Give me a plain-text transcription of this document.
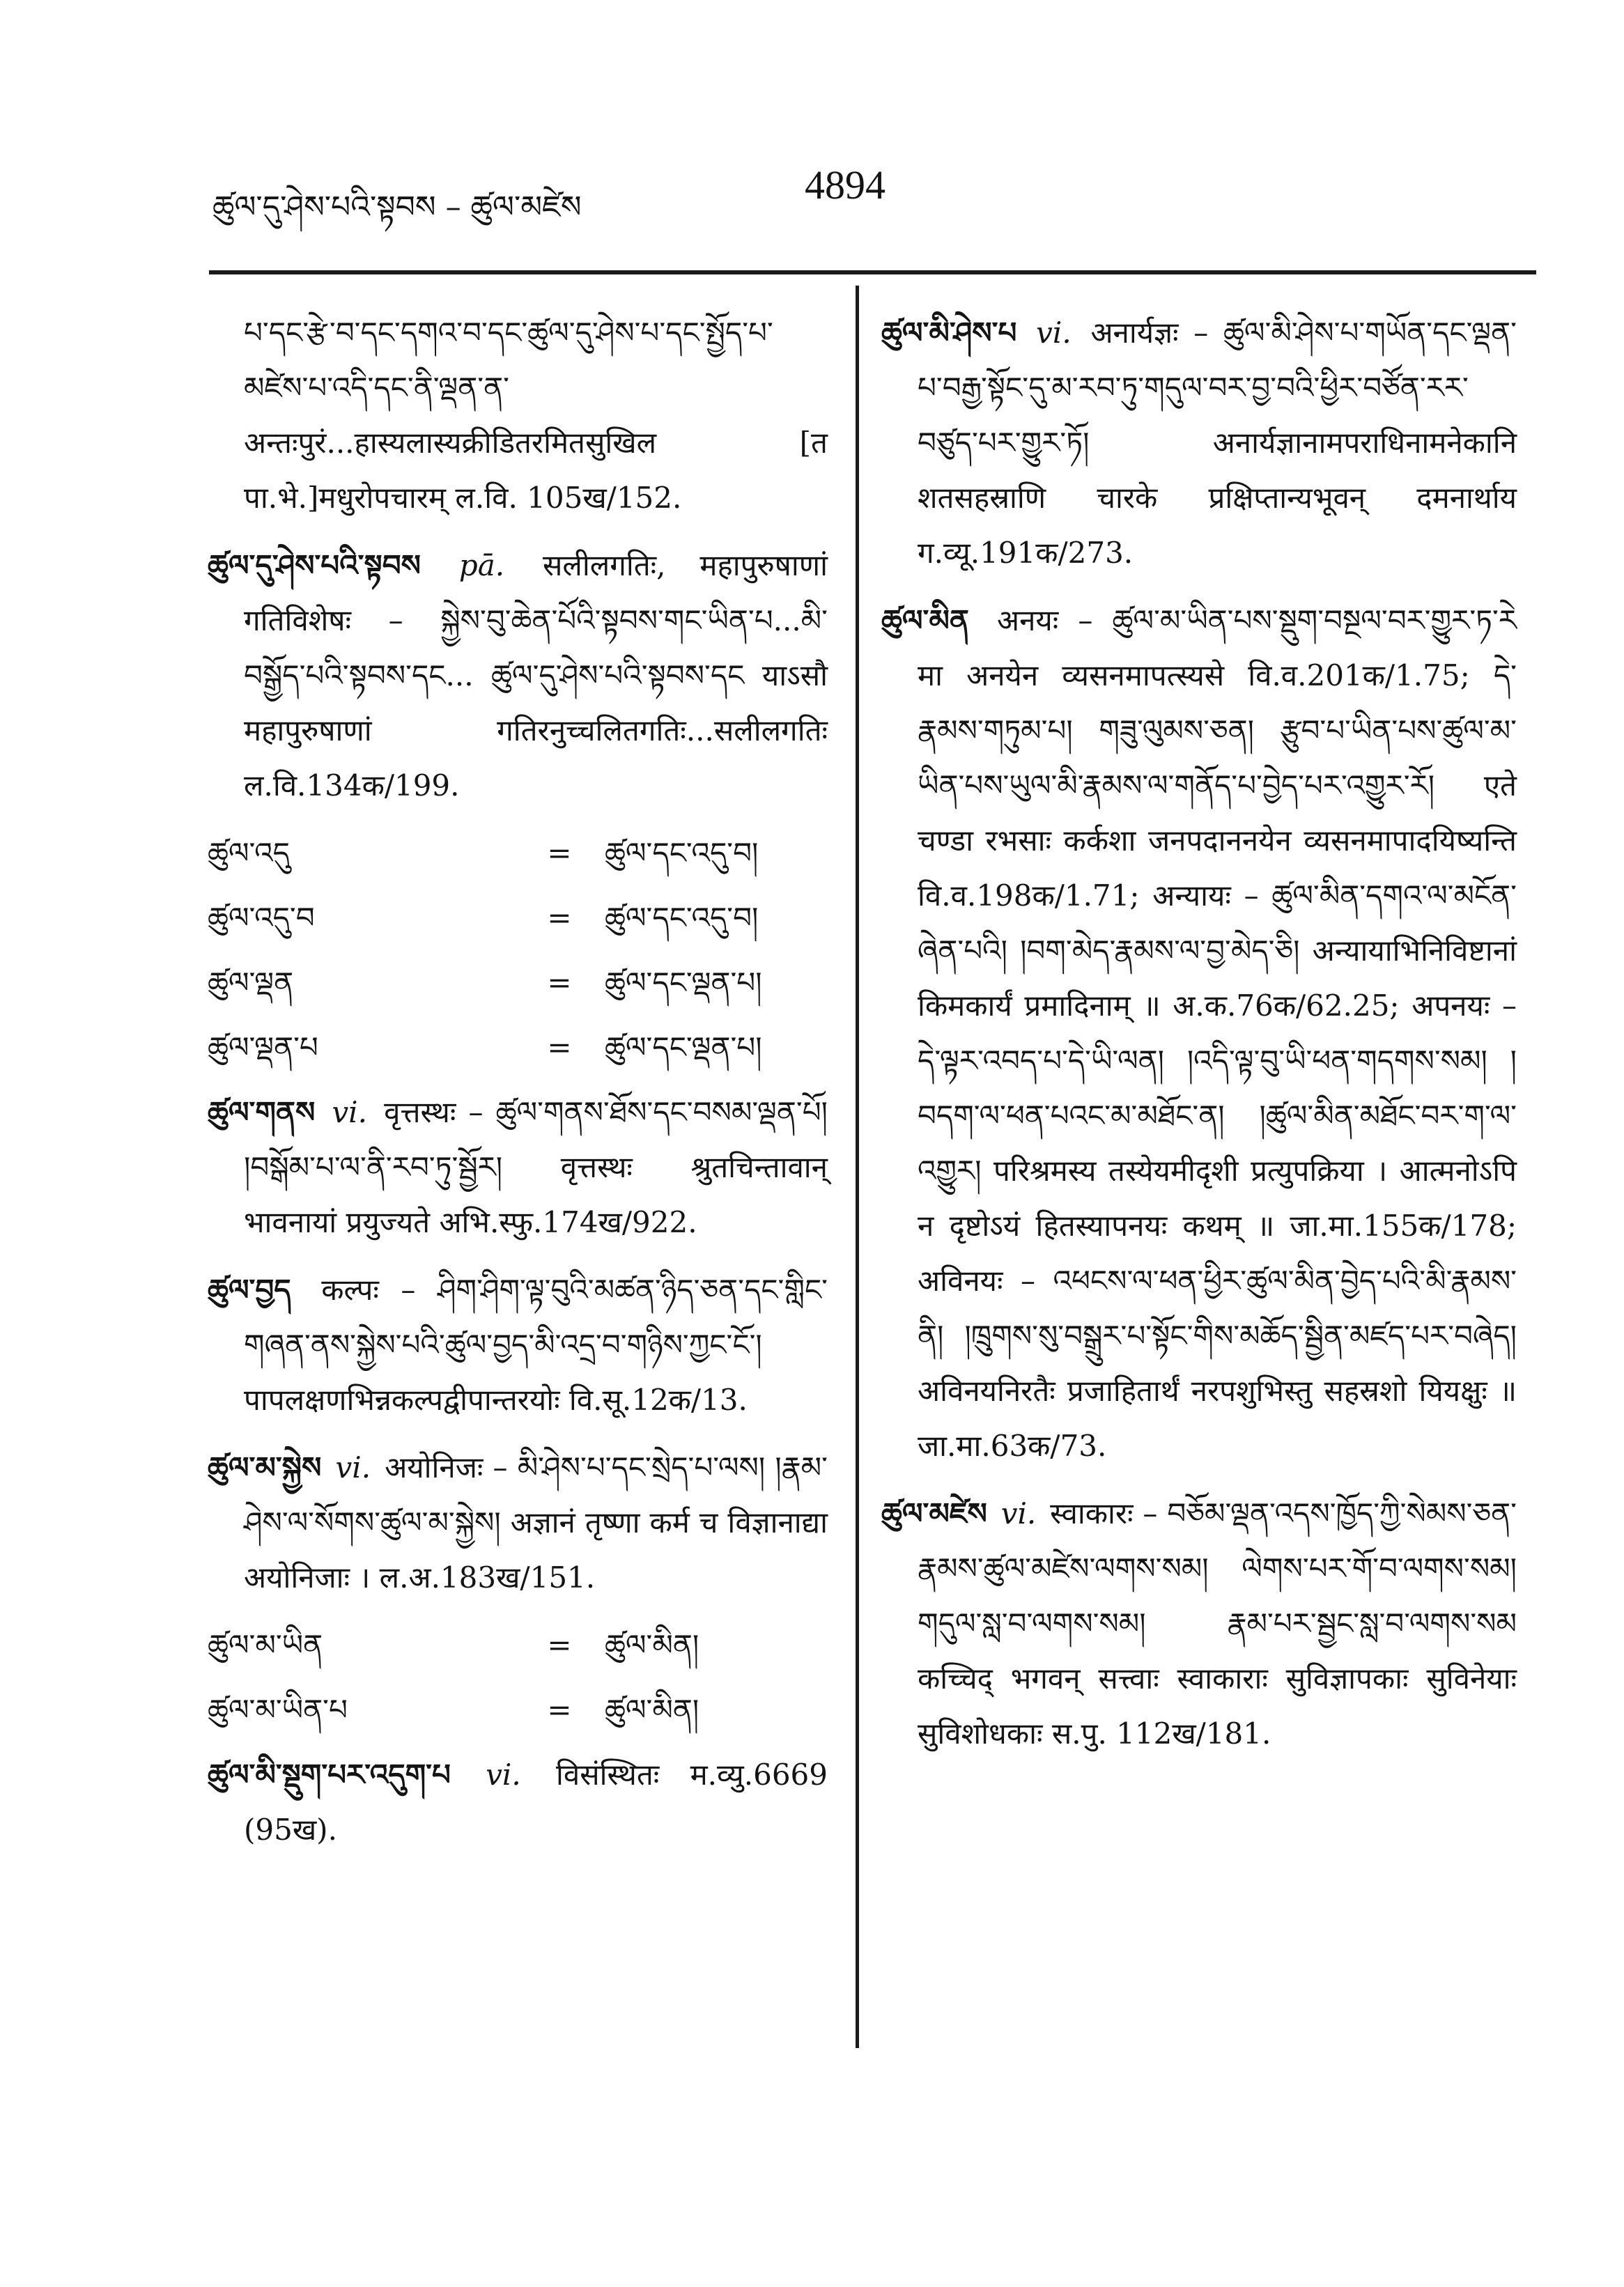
ཚུལ་དུ་ཤེས་པའི་སྟབས – ཚུལ་མཛེས	4894

པ་དང་རྩེ་བ་དང་དགའ་བ་དང་ཚུལ་དུ་ཤེས་པ་དང་སྤྱོད་པ་མཛེས་པ་འདི་དང་ནི་ལྡན་ན་ अन्तःपुरं...हास्यलास्यक्रीडितरमितसुखिल [त पा.भे.]मधुरोपचारम् ल.वि. 105ख/152.

ཚུལ་དུ་ཤེས་པའི་སྟབས pā. सलीलगतिः, महापुरुषाणां गतिविशेषः – སྐྱེས་བུ་ཆེན་པོའི་སྟབས་གང་ཡིན་པ...མི་བསྒྱོད་པའི་སྟབས་དང... ཚུལ་དུ་ཤེས་པའི་སྟབས་དང याऽसौ महापुरुषाणां गतिरनुच्चलितगतिः...सलीलगतिः ल.वि.134क/199.

ཚུལ་འདུ	=	ཚུལ་དང་འདུ་བ།
ཚུལ་འདུ་བ	=	ཚུལ་དང་འདུ་བ།
ཚུལ་ལྡན	=	ཚུལ་དང་ལྡན་པ།
ཚུལ་ལྡན་པ	=	ཚུལ་དང་ལྡན་པ།

ཚུལ་གནས vi. वृत्तस्थः – ཚུལ་གནས་ཐོས་དང་བསམ་ལྡན་པོ། །བསྒོམ་པ་ལ་ནི་རབ་ཏུ་སྦྱོར། वृत्तस्थः श्रुतचिन्तावान् भावनायां प्रयुज्यते अभि.स्फु.174ख/922.

ཚུལ་བྱད कल्पः – ཤིག་ཤིག་ལྟ་བུའི་མཚན་ཉིད་ཅན་དང་གླིང་གཞན་ནས་སྐྱེས་པའི་ཚུལ་བྱད་མི་འདྲ་བ་གཉིས་ཀྱང་ངོ་། पापलक्षणभिन्नकल्पद्वीपान्तरयोः वि.सू.12क/13.

ཚུལ་མ་སྐྱེས vi. अयोनिजः – མི་ཤེས་པ་དང་སྲེད་པ་ལས། །རྣམ་ཤེས་ལ་སོགས་ཚུལ་མ་སྐྱེས། अज्ञानं तृष्णा कर्म च विज्ञानाद्या अयोनिजाः । ल.अ.183ख/151.

ཚུལ་མ་ཡིན	=	ཚུལ་མིན།
ཚུལ་མ་ཡིན་པ	=	ཚུལ་མིན།

ཚུལ་མི་སྡུག་པར་འདུག་པ vi. विसंस्थितः म.व्यु.6669 (95ख).

ཚུལ་མི་ཤེས་པ vi. अनार्यज्ञः – ཚུལ་མི་ཤེས་པ་གཡོན་དང་ལྡན་པ་བརྒྱ་སྟོང་དུ་མ་རབ་ཏུ་གདུལ་བར་བྱ་བའི་ཕྱིར་བཙོན་རར་བཙུད་པར་གྱུར་ཏོ། अनार्यज्ञानामपराधिनामनेकानि शतसहस्राणि चारके प्रक्षिप्तान्यभूवन् दमनार्थाय ग.व्यू.191क/273.

ཚུལ་མིན अनयः – ཚུལ་མ་ཡིན་པས་སྡུག་བསྔལ་བར་གྱུར་ཏ་རེ मा अनयेन व्यसनमापत्स्यसे वि.व.201क/1.75; དེ་རྣམས་གཏུམ་པ། གཟུ་ལུམས་ཅན། རྩུབ་པ་ཡིན་པས་ཚུལ་མ་ཡིན་པས་ཡུལ་མི་རྣམས་ལ་གནོད་པ་བྱེད་པར་འགྱུར་རོ། एते चण्डा रभसाः कर्कशा जनपदाननयेन व्यसनमापादयिष्यन्ति वि.व.198क/1.71; अन्यायः – ཚུལ་མིན་དགའ་ལ་མངོན་ཞེན་པའི། །བག་མེད་རྣམས་ལ་བྱ་མེད་ཅི། अन्यायाभिनिविष्टानां किमकार्यं प्रमादिनाम् ॥ अ.क.76क/62.25; अपनयः – དེ་ལྟར་འབད་པ་དེ་ཡི་ལན། །འདི་ལྟ་བུ་ཡི་ཕན་གདགས་སམ། །བདག་ལ་ཕན་པའང་མ་མཐོང་ན། །ཚུལ་མིན་མཐོང་བར་ག་ལ་འགྱུར། परिश्रमस्य तस्येयमीदृशी प्रत्युपक्रिया । आत्मनोऽपि न दृष्टोऽयं हितस्यापनयः कथम् ॥ जा.मा.155क/178; अविनयः – འཕངས་ལ་ཕན་ཕྱིར་ཚུལ་མིན་བྱེད་པའི་མི་རྣམས་ནི། །ཁྲུགས་སུ་བསྒྲུར་པ་སྟོང་གིས་མཆོད་སྦྱིན་མཛད་པར་བཞེད། अविनयनिरतैः प्रजाहितार्थं नरपशुभिस्तु सहस्रशो यियक्षुः ॥ जा.मा.63क/73.

ཚུལ་མཛེས vi. स्वाकारः – བཅོམ་ལྡན་འདས་ཁྱོད་ཀྱི་སེམས་ཅན་རྣམས་ཚུལ་མཛེས་ལགས་སམ། ལེགས་པར་གོ་བ་ལགས་སམ། གདུལ་སླ་བ་ལགས་སམ། རྣམ་པར་སྦྱང་སླ་བ་ལགས་སམ कच्चिद् भगवन् सत्त्वाः स्वाकाराः सुविज्ञापकाः सुविनेयाः सुविशोधकाः स.पु. 112ख/181.
